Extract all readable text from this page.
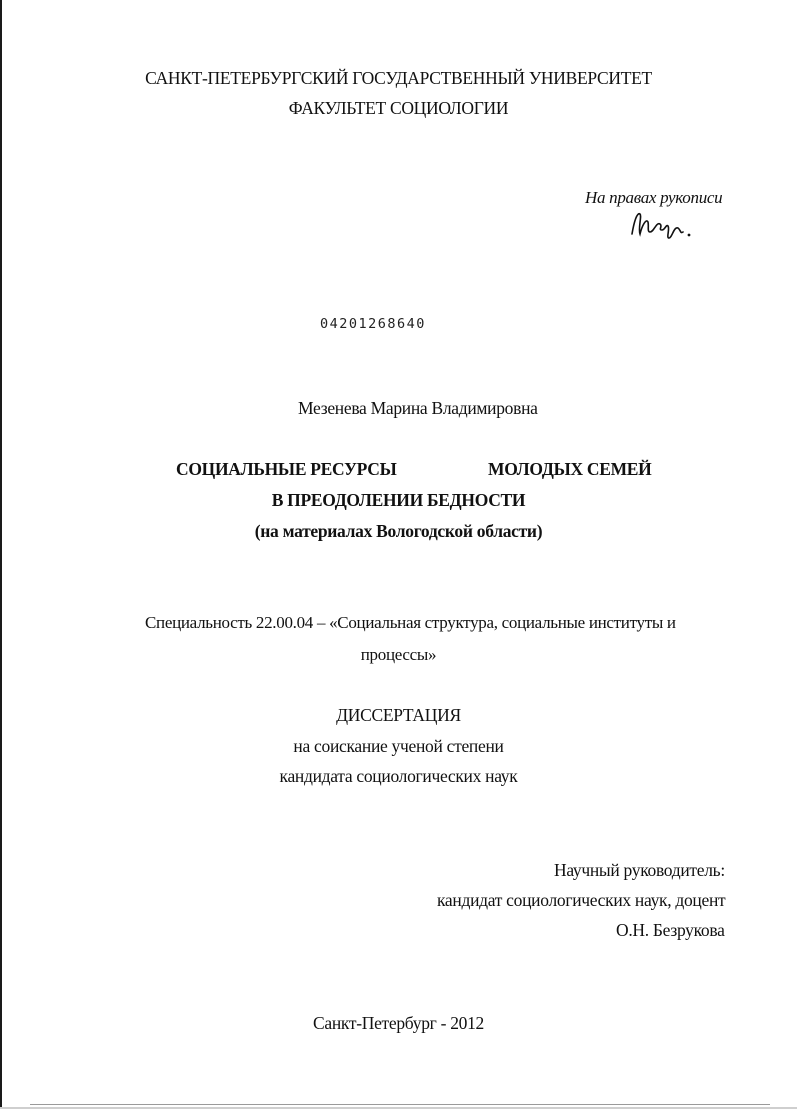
САНКТ-ПЕТЕРБУРГСКИЙ ГОСУДАРСТВЕННЫЙ УНИВЕРСИТЕТ
ФАКУЛЬТЕТ СОЦИОЛОГИИ
На правах рукописи
04201268640
Мезенева Марина Владимировна
СОЦИАЛЬНЫЕ РЕСУРСЫ	МОЛОДЫХ СЕМЕЙ
В ПРЕОДОЛЕНИИ БЕДНОСТИ
(на материалах Вологодской области)
Специальность 22.00.04 – «Социальная структура, социальные институты и
процессы»
ДИССЕРТАЦИЯ
на соискание ученой степени
кандидата социологических наук
Научный руководитель:
кандидат социологических наук, доцент
О.Н. Безрукова
Санкт-Петербург - 2012
